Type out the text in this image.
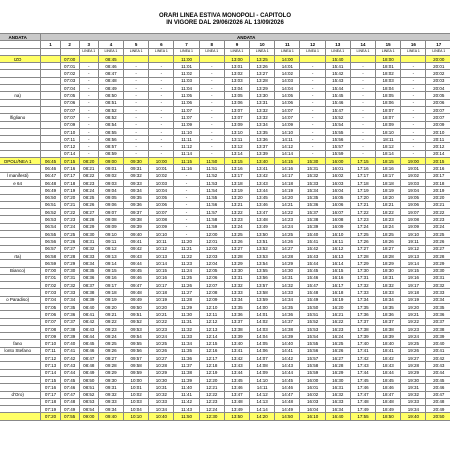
ORARI LINEA ESTIVA MONOPOLI - CAPITOLO
IN VIGORE DAL 29/06/2026 AL 13/09/2026
ANDATA	ANDATA																
	1	2	3	4	5	6	7	8	9	10	11	12	13	14	15	16	17
			LINEA 1	LINEA 1	LINEA 1	LINEA 1	LINEA 1	LINEA 1	LINEA 1	LINEA 1	LINEA 1	LINEA 1	LINEA 1	LINEA 1	LINEA 1	LINEA 1	LINEA 1
IZO		07:00		08:45			11:00		13:00	13:25	14:00		15:40		18:00		20:00
		07:01	-	08:46	-	-	11:01	-	13:01	13:26	14:01	-	15:41	-	18:01	-	20:01
		07:02	-	08:47	-	-	11:02	-	13:02	13:27	14:02	-	15:42	-	18:02	-	20:02
		07:03	-	08:48	-	-	11:03	-	13:03	13:28	14:03	-	15:43	-	18:03	-	20:03
		07:04	-	08:49	-	-	11:04	-	13:04	13:29	14:04	-	15:44	-	18:04	-	20:04
na)		07:05	-	08:50	-	-	11:05	-	13:05	13:30	14:05	-	15:45	-	18:05	-	20:05
		07:06	-	08:51	-	-	11:06	-	13:06	13:31	14:06	-	15:46	-	18:06	-	20:06
		07:07	-	08:52	-	-	11:07	-	13:07	13:32	14:07	-	15:47	-	18:07	-	20:07
lfigliano		07:07	-	08:52	-	-	11:07	-	13:07	13:32	14:07	-	15:52	-	18:07	-	20:07
		07:09	-	08:54	-	-	11:09	-	13:09	13:34	14:09	-	15:54	-	18:09	-	20:09
		07:10	-	08:55	-	-	11:10	-	13:10	13:35	14:10	-	15:55	-	18:10	-	20:10
		07:11	-	08:56	-	-	11:11	-	13:11	13:36	14:11	-	15:56	-	18:11	-	20:11
		07:12	-	08:57	-	-	11:12	-	13:12	13:37	14:12	-	15:57	-	18:12	-	20:12
		07:14	-	08:59	-	-	11:14	-	13:14	13:39	14:14	-	15:59	-	18:14	-	20:14
OPOLI/NEA 1	06:45	07:15	08:20	09:00	09:30	10:00	11:15	11:50	13:15	13:40	14:15	15:30	16:00	17:15	18:15	19:00	20:15
	06:46	07:16	08:21	09:01	09:31	10:01	11:16	11:51	13:16	13:41	14:16	15:31	16:01	17:16	18:16	19:01	20:16
l manifesti)	06:47	07:17	08:22	09:02	09:32	10:02	-	11:52	13:17	13:42	14:17	15:32	16:02	17:17	18:17	19:02	20:17
e 64	06:48	07:18	08:23	09:03	09:33	10:03	-	11:53	13:18	13:43	14:18	15:33	16:03	17:18	18:18	19:03	20:18
	06:49	07:19	08:24	09:04	09:34	10:04	-	11:54	13:19	13:44	14:19	15:34	16:04	17:19	18:19	19:04	20:19
	06:50	07:20	08:25	09:05	09:35	10:05	-	11:55	13:20	13:45	14:20	15:35	16:05	17:20	18:20	19:05	20:20
	06:51	07:21	08:26	09:06	09:36	10:06	-	11:56	13:21	13:46	14:21	15:36	16:06	17:21	18:21	19:06	20:21
	06:52	07:22	08:27	09:07	09:37	10:07	-	11:57	13:22	13:47	14:22	15:37	16:07	17:22	18:22	19:07	20:22
	06:53	07:23	08:28	09:08	09:38	10:08	-	11:58	13:23	13:48	14:23	15:38	16:08	17:23	18:23	19:08	20:23
	06:54	07:24	08:29	09:09	09:39	10:09	-	11:59	13:24	13:49	14:24	15:39	16:09	17:24	18:24	19:09	20:24
	06:55	07:25	08:30	09:10	09:40	10:10	-	12:00	13:25	13:50	14:25	15:40	16:10	17:25	18:25	19:10	20:25
	06:56	07:26	08:31	09:11	09:41	10:11	11:20	12:01	13:26	13:51	14:26	15:41	16:11	17:26	18:26	19:11	20:26
	06:57	07:27	08:32	09:12	09:42	10:12	11:21	12:02	13:27	13:52	14:27	15:42	16:12	17:27	18:27	19:12	20:27
rta)	06:58	07:28	08:33	09:13	09:43	10:13	11:22	12:03	13:28	13:53	14:28	15:43	16:13	17:28	18:28	19:13	20:28
	06:59	07:29	08:34	09:14	09:44	10:14	11:23	12:04	13:29	13:54	14:29	15:44	16:14	17:29	18:29	19:14	20:29
Bianco)	07:00	07:30	08:35	09:15	09:45	10:15	11:24	12:05	13:30	13:55	14:30	15:45	16:15	17:30	18:30	19:15	20:30
	07:01	07:31	08:36	09:16	09:46	10:16	11:25	12:06	13:31	13:56	14:31	15:46	16:16	17:31	18:31	19:16	20:31
	07:02	07:32	08:37	09:17	09:47	10:17	11:26	12:07	13:32	13:57	14:32	15:47	16:17	17:32	18:32	19:17	20:32
	07:03	07:33	08:38	09:18	09:48	10:18	11:27	12:08	13:33	13:58	14:33	15:48	16:18	17:33	18:33	19:18	20:33
o Paradiso)	07:04	07:34	08:39	09:19	09:49	10:19	11:28	12:09	13:34	13:59	14:34	15:49	16:19	17:34	18:34	19:19	20:34
	07:05	07:35	08:40	09:20	09:50	10:20	11:29	12:10	13:35	14:00	14:35	15:50	16:20	17:35	18:35	19:20	20:35
	07:06	07:36	08:41	09:21	09:51	10:21	11:30	12:11	13:36	14:01	14:36	15:51	16:21	17:36	18:36	19:21	20:36
	07:07	07:37	08:42	09:22	09:52	10:22	11:31	12:12	13:37	14:02	14:37	15:52	16:22	17:37	18:37	19:22	20:37
	07:08	07:38	08:43	09:23	09:53	10:23	11:32	12:13	13:38	14:03	14:38	15:53	16:23	17:38	18:38	19:23	20:38
	07:09	07:39	08:44	09:24	09:54	10:24	11:33	12:14	13:39	14:04	14:39	15:54	16:24	17:39	18:39	19:24	20:39
fano	07:10	07:40	08:45	09:25	09:55	10:25	11:34	12:15	13:40	14:05	14:40	15:55	16:25	17:40	18:40	19:25	20:40
lonto Stefano	07:11	07:41	08:46	09:26	09:56	10:26	11:35	12:16	13:41	14:06	14:41	15:56	16:26	17:41	18:41	19:26	20:41
	07:12	07:42	08:47	09:27	09:57	10:27	11:36	12:17	13:42	14:07	14:42	15:57	16:27	17:42	18:42	19:27	20:42
	07:13	07:43	08:48	09:28	09:58	10:28	11:37	12:18	13:43	14:08	14:43	15:58	16:28	17:43	18:43	19:28	20:43
	07:14	07:44	08:49	09:29	09:59	10:29	11:38	12:19	13:44	14:09	14:44	15:59	16:29	17:44	18:44	19:29	20:44
	07:15	07:45	08:50	09:30	10:00	10:30	11:39	12:20	13:45	14:10	14:45	16:00	16:30	17:45	18:45	19:30	20:45
	07:16	07:46	08:51	09:31	10:01	10:31	11:40	12:21	13:46	14:11	14:46	16:01	16:31	17:46	18:46	19:31	20:46
d'Oro)	07:17	07:47	08:52	09:32	10:02	10:32	11:41	12:22	13:47	14:12	14:47	16:02	16:32	17:47	18:47	19:32	20:47
	07:18	07:48	08:53	09:33	10:03	10:33	11:42	12:23	13:48	14:13	14:48	16:03	16:33	17:48	18:48	19:33	20:48
	07:19	07:49	08:54	09:34	10:04	10:34	11:43	12:24	13:49	14:14	14:49	16:04	16:34	17:49	18:49	19:34	20:49
	07:20	07:55	09:00	09:40	10:10	10:40	11:50	12:30	13:50	14:20	14:50	16:10	16:40	17:55	18:50	19:40	20:50
